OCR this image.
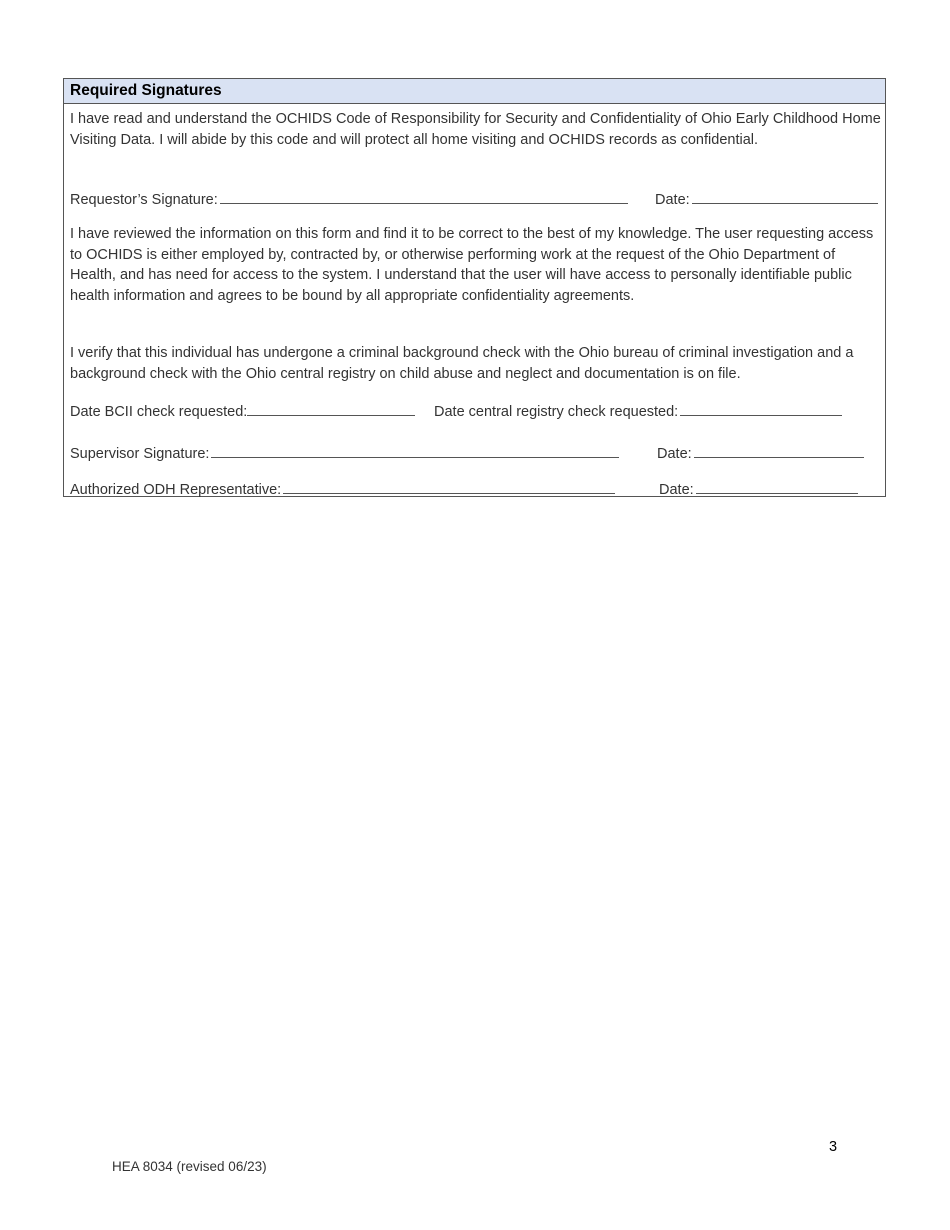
Required Signatures

I have read and understand the OCHIDS Code of Responsibility for Security and Confidentiality of Ohio Early Childhood Home Visiting Data. I will abide by this code and will protect all home visiting and OCHIDS records as confidential.

Requestor’s Signature:	Date:

I have reviewed the information on this form and find it to be correct to the best of my knowledge. The user requesting access to OCHIDS is either employed by, contracted by, or otherwise performing work at the request of the Ohio Department of Health, and has need for access to the system. I understand that the user will have access to personally identifiable public health information and agrees to be bound by all appropriate confidentiality agreements.

I verify that this individual has undergone a criminal background check with the Ohio bureau of criminal investigation and a background check with the Ohio central registry on child abuse and neglect and documentation is on file.

Date BCII check requested:	Date central registry check requested:
Supervisor Signature:	Date:
Authorized ODH Representative:	Date:
3
HEA 8034 (revised 06/23)
